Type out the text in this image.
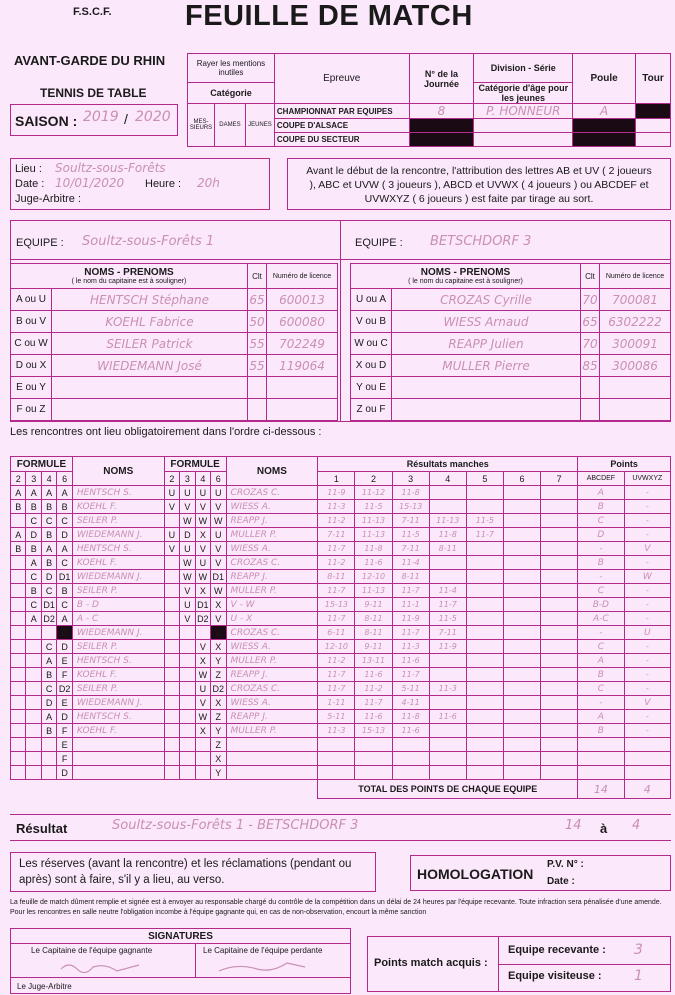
F.S.C.F.	FEUILLE DE MATCH
AVANT-GARDE DU RHIN
TENNIS DE TABLE
SAISON : 2019 / 2020
Rayer les mentions inutiles			Epreuve	N° de la Journée	Division - Série	Poule	Tour
Catégorie					Catégorie d'âge pour les jeunes		
MES-SIEURS	DAMES	JEUNES	CHAMPIONNAT PAR EQUIPES	8	P. HONNEUR	A	
			COUPE D'ALSACE				
			COUPE DU SECTEUR				
Lieu : Soultz-sous-Forêts
Date : 10/01/2020 Heure : 20h
Juge-Arbitre :
Avant le début de la rencontre, l'attribution des lettres AB et UV ( 2 joueurs ), ABC et UVW ( 3 joueurs ), ABCD et UVWX ( 4 joueurs ) ou ABCDEF et UVWXYZ ( 6 joueurs ) est faite par tirage au sort.
EQUIPE : Soultz-sous-Forêts 1	EQUIPE : BETSCHDORF 3
NOMS - PRENOMS
( le nom du capitaine est à souligner)		Clt	Numéro de licence
A ou U	HENTSCH Stéphane	65	600013
B ou V	KOEHL Fabrice	50	600080
C ou W	SEILER Patrick	55	702249
D ou X	WIEDEMANN José	55	119064
E ou Y			
F ou Z			
NOMS - PRENOMS
( le nom du capitaine est à souligner)		Clt	Numéro de licence
U ou A	CROZAS Cyrille	70	700081
V ou B	WIESS Arnaud	65	6302222
W ou C	REAPP Julien	70	300091
X ou D	MULLER Pierre	85	300086
Y ou E			
Z ou F			
Les rencontres ont lieu obligatoirement dans l'ordre ci-dessous :
FORMULE				NOMS	FORMULE				NOMS	Résultats manches							Points	
2	3	4	6		2	3	4	6		1	2	3	4	5	6	7	ABCDEF	UVWXYZ
A	A	A	A	HENTSCH S.	U	U	U	U	CROZAS C.	11-9	11-12	11-8					A	-
B	B	B	B	KOEHL F.	V	V	V	V	WIESS A.	11-3	11-5	15-13					B	-
	C	C	C	SEILER P.		W	W	W	REAPP J.	11-2	11-13	7-11	11-13	11-5			C	-
A	D	B	D	WIEDEMANN J.	U	D	X	U	MULLER P.	7-11	11-13	11-5	11-8	11-7			D	-
B	B	A	A	HENTSCH S.	V	U	V	V	WIESS A.	11-7	11-8	7-11	8-11				-	V
	A	B	C	KOEHL F.		W	U	V	CROZAS C.	11-2	11-6	11-4					B	-
	C	D	D1	WIEDEMANN J.		W	W	D1	REAPP J.	8-11	12-10	8-11					-	W
	B	C	B	SEILER P.		V	X	W	MULLER P.	11-7	11-13	11-7	11-4				C	-
	C	D1	C	B - D		U	D1	X	V - W	15-13	9-11	11-1	11-7				B-D	-
	A	D2	A	A - C		V	D2	V	U - X	11-7	8-11	11-9	11-5				A-C	-
			D	WIEDEMANN J.				U	CROZAS C.	6-11	8-11	11-7	7-11				-	U
		C	D	SEILER P.			V	X	WIESS A.	12-10	9-11	11-3	11-9				C	-
		A	E	HENTSCH S.			X	Y	MULLER P.	11-2	13-11	11-6					A	-
		B	F	KOEHL F.			W	Z	REAPP J.	11-7	11-6	11-7					B	-
		C	D2	SEILER P.			U	D2	CROZAS C.	11-7	11-2	5-11	11-3				C	-
		D	E	WIEDEMANN J.			V	X	WIESS A.	1-11	11-7	4-11					-	V
		A	D	HENTSCH S.			W	Z	REAPP J.	5-11	11-6	11-8	11-6				A	-
		B	F	KOEHL F.			X	Y	MULLER P.	11-3	15-13	11-6					B	-
			E					Z										
			F					X										
			D					Y										
										TOTAL DES POINTS DE CHAQUE EQUIPE							14	4
Résultat	Soultz-sous-Forêts 1 - BETSCHDORF 3	14 à 4
Les réserves (avant la rencontre) et les réclamations (pendant ou après) sont à faire, s'il y a lieu, au verso.	HOMOLOGATION
P.V. N° :
Date :
La feuille de match dûment remplie et signée est à envoyer au responsable chargé du contrôle de la compétition dans un délai de 24 heures par l'équipe recevante. Toute infraction sera pénalisée d'une amende. Pour les rencontres en salle neutre l'obligation incombe à l'équipe gagnante qui, en cas de non-observation, encourt la même sanction
SIGNATURES
Le Capitaine de l'équipe gagnante	Le Capitaine de l'équipe perdante
Le Juge-Arbitre
Points match acquis :
Equipe recevante : 3
Equipe visiteuse : 1
